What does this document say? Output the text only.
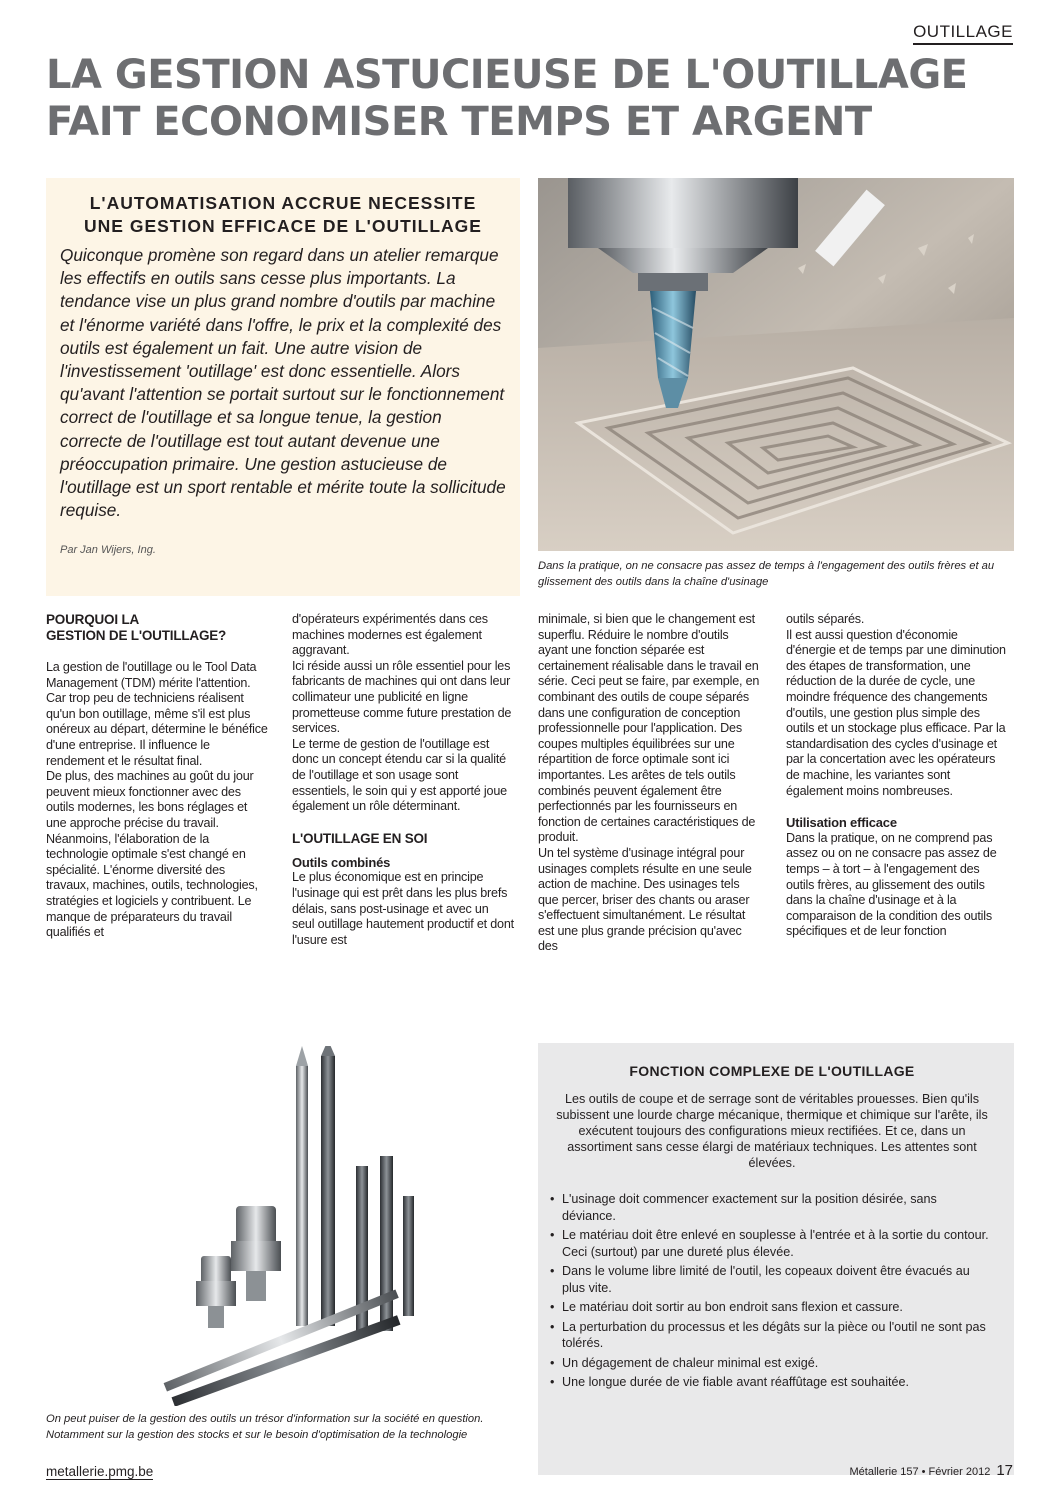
OUTILLAGE
LA GESTION ASTUCIEUSE DE L'OUTILLAGE
FAIT ECONOMISER TEMPS ET ARGENT
L'AUTOMATISATION ACCRUE NECESSITE
UNE GESTION EFFICACE DE L'OUTILLAGE

Quiconque promène son regard dans un atelier remarque les effectifs en outils sans cesse plus importants. La tendance vise un plus grand nombre d'outils par machine et l'énorme variété dans l'offre, le prix et la complexité des outils est également un fait. Une autre vision de l'investissement 'outillage' est donc essentielle. Alors qu'avant l'attention se portait surtout sur le fonctionnement correct de l'outillage et sa longue tenue, la gestion correcte de l'outillage est tout autant devenue une préoccupation primaire. Une gestion astucieuse de l'outillage est un sport rentable et mérite toute la sollicitude requise.

Par Jan Wijers, Ing.

Dans la pratique, on ne consacre pas assez de temps à l'engagement des outils frères et au glissement des outils dans la chaîne d'usinage

POURQUOI LA
GESTION DE L'OUTILLAGE?

La gestion de l'outillage ou le Tool Data Management (TDM) mérite l'attention. Car trop peu de techniciens réalisent qu'un bon outillage, même s'il est plus onéreux au départ, détermine le bénéfice d'une entreprise. Il influence le rendement et le résultat final.

De plus, des machines au goût du jour peuvent mieux fonctionner avec des outils modernes, les bons réglages et une approche précise du travail. Néanmoins, l'élaboration de la technologie optimale s'est changé en spécialité. L'énorme diversité des travaux, machines, outils, technologies, stratégies et logiciels y contribuent. Le manque de préparateurs du travail qualifiés et

d'opérateurs expérimentés dans ces machines modernes est également aggravant.

Ici réside aussi un rôle essentiel pour les fabricants de machines qui ont dans leur collimateur une publicité en ligne prometteuse comme future prestation de services.

Le terme de gestion de l'outillage est donc un concept étendu car si la qualité de l'outillage et son usage sont essentiels, le soin qui y est apporté joue également un rôle déterminant.

L'OUTILLAGE EN SOI
Outils combinés

Le plus économique est en principe l'usinage qui est prêt dans les plus brefs délais, sans post-usinage et avec un seul outillage hautement productif et dont l'usure est

minimale, si bien que le changement est superflu. Réduire le nombre d'outils ayant une fonction séparée est certainement réalisable dans le travail en série. Ceci peut se faire, par exemple, en combinant des outils de coupe séparés dans une configuration de conception professionnelle pour l'application. Des coupes multiples équilibrées sur une répartition de force optimale sont ici importantes. Les arêtes de tels outils combinés peuvent également être perfectionnés par les fournisseurs en fonction de certaines caractéristiques de produit.

Un tel système d'usinage intégral pour usinages complets résulte en une seule action de machine. Des usinages tels que percer, briser des chants ou araser s'effectuent simultanément. Le résultat est une plus grande précision qu'avec des

outils séparés.

Il est aussi question d'économie d'énergie et de temps par une diminution des étapes de transformation, une réduction de la durée de cycle, une moindre fréquence des changements d'outils, une gestion plus simple des outils et un stockage plus efficace. Par la standardisation des cycles d'usinage et par la concertation avec les opérateurs de machine, les variantes sont également moins nombreuses.

Utilisation efficace

Dans la pratique, on ne comprend pas assez ou on ne consacre pas assez de temps – à tort – à l'engagement des outils frères, au glissement des outils dans la chaîne d'usinage et à la comparaison de la condition des outils spécifiques et de leur fonction

On peut puiser de la gestion des outils un trésor d'information sur la société en question. Notamment sur la gestion des stocks et sur le besoin d'optimisation de la technologie

FONCTION COMPLEXE DE L'OUTILLAGE

Les outils de coupe et de serrage sont de véritables prouesses. Bien qu'ils subissent une lourde charge mécanique, thermique et chimique sur l'arête, ils exécutent toujours des configurations mieux rectifiées. Et ce, dans un assortiment sans cesse élargi de matériaux techniques. Les attentes sont élevées.

• L'usinage doit commencer exactement sur la position désirée, sans déviance.
• Le matériau doit être enlevé en souplesse à l'entrée et à la sortie du contour. Ceci (surtout) par une dureté plus élevée.
• Dans le volume libre limité de l'outil, les copeaux doivent être évacués au plus vite.
• Le matériau doit sortir au bon endroit sans flexion et cassure.
• La perturbation du processus et les dégâts sur la pièce ou l'outil ne sont pas tolérés.
• Un dégagement de chaleur minimal est exigé.
• Une longue durée de vie fiable avant réaffûtage est souhaitée.
metallerie.pmg.be	Métallerie 157 • Février 2012 17
